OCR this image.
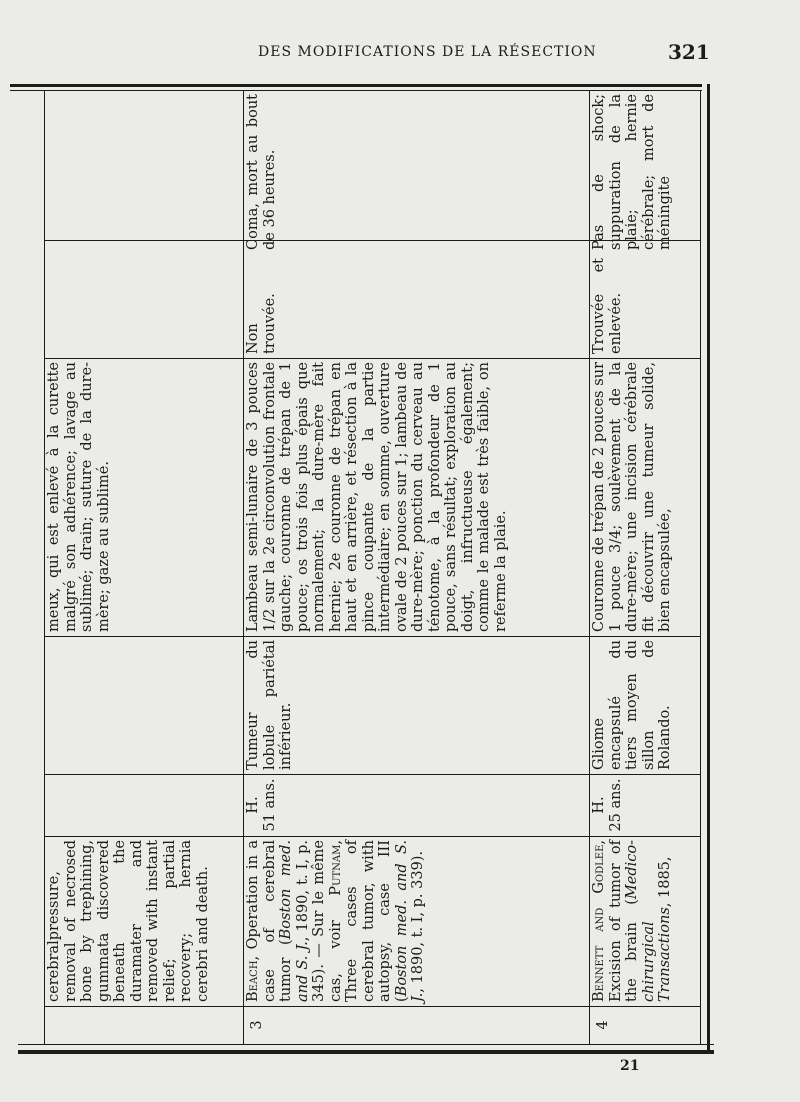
DES MODIFICATIONS DE LA RÉSECTION	321
cerebralpressure, removal of necrosed bone by trephining, gummata discovered beneath the duramater and removed with instant relief; partial recovery; hernia cerebri and death.
meux, qui est enlevé à la curette malgré son adhérence; lavage au sublimé; drain; suture de la dure-mère; gaze au sublimé.
3
Beach, Operation in a case of cerebral tumor (Boston med. and S. J., 1890, t. I, p. 345). — Sur le même cas, voir Putnam, Three cases of cerebral tumor, with autopsy, case III (Boston med. and S. J., 1890, t. I, p. 339).
H. 51 ans.
Tumeur du lobule pariétal inférieur.
Lambeau semi-lunaire de 3 pouces 1/2 sur la 2e circonvolution frontale gauche; couronne de trépan de 1 pouce; os trois fois plus épais que normalement; la dure-mère fait hernie; 2e couronne de trépan en haut et en arrière, et résection à la pince coupante de la partie intermédiaire; en somme, ouverture ovale de 2 pouces sur 1; lambeau de dure-mère; ponction du cerveau au ténotome, à la profondeur de 1 pouce, sans résultat; exploration au doigt, infructueuse également; comme le malade est très faible, on referme la plaie.
Non trouvée.
Coma, mort au bout de 36 heures.
4
Bennett and Godlee, Excision of tumor of the brain (Medico-chirurgical Transactions, 1885,
H. 25 ans.
Gliome encapsulé du tiers moyen du sillon de Rolando.
Couronne de trépan de 2 pouces sur 1 pouce 3/4; soulèvement de la dure-mère; une incision cérébrale fit découvrir une tumeur solide, bien encapsulée,
Trouvée et enlevée.
Pas de shock; suppuration de la plaie; hernie cérébrale; mort de méningite
21
